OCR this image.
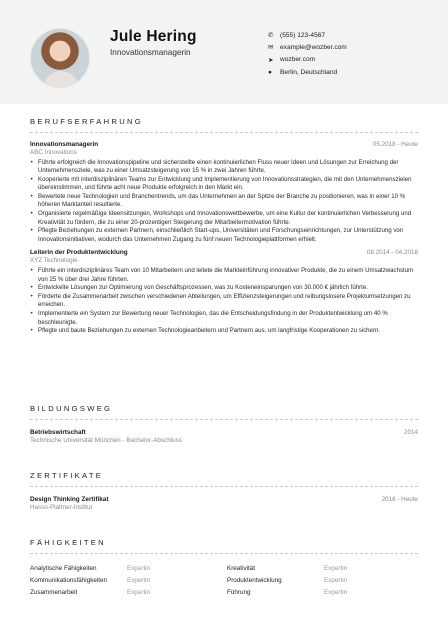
Jule Hering
Innovationsmanagerin
✆ (555) 123-4567
✉ example@wozber.com
➤ wozber.com
●	Berlin, Deutschland
BERUFSERFAHRUNG
Innovationsmanagerin	05.2018 - Heute
ABC Innovations
• Führte erfolgreich die Innovationspipeline und sicherstellte einen kontinuierlichen Fluss neuer Ideen und Lösungen zur Erreichung der Unternehmensziele, was zu einer Umsatzsteigerung von 15 % in zwei Jahren führte.
• Kooperierte mit interdisziplinären Teams zur Entwicklung und Implementierung von Innovationsstrategien, die mit den Unternehmenszielen übereinstimmen, und führte acht neue Produkte erfolgreich in den Markt ein.
• Bewertete neue Technologien und Branchentrends, um das Unternehmen an der Spitze der Branche zu positionieren, was in einer 10 % höheren Marktanteil resultierte.
• Organisierte regelmäßige Ideensitzungen, Workshops und Innovationswettbewerbe, um eine Kultur der kontinuierlichen Verbesserung und Kreativität zu fördern, die zu einer 20-prozentigen Steigerung der Mitarbeitermotivation führte.
• Pflegte Beziehungen zu externen Partnern, einschließlich Start-ups, Universitäten und Forschungseinrichtungen, zur Unterstützung von Innovationsinitiativen, wodurch das Unternehmen Zugang zu fünf neuen Technologieplattformen erhielt.
Leiterin der Produktentwicklung	08.2014 - 04.2018
XYZ Technologie
• Führte ein interdisziplinäres Team von 10 Mitarbeitern und leitete die Markteinführung innovativer Produkte, die zu einem Umsatzwachstum von 25 % über drei Jahre führten.
• Entwickelte Lösungen zur Optimierung von Geschäftsprozessen, was zu Kosteneinsparungen von 30.000 € jährlich führte.
• Förderte die Zusammenarbeit zwischen verschiedenen Abteilungen, um Effizienzsteigerungen und reibungslosere Projektumsetzungen zu erreichen.
• Implementierte ein System zur Bewertung neuer Technologien, das die Entscheidungsfindung in der Produktentwicklung um 40 % beschleunigte.
• Pflegte und baute Beziehungen zu externen Technologieanbietern und Partnern aus, um langfristige Kooperationen zu sichern.
BILDUNGSWEG
Betriebswirtschaft	2014
Technische Universität München - Bachelor-Abschluss
ZERTIFIKATE
Design Thinking Zertifikat	2016 - Heute
Hasso-Plattner-Institut
FÄHIGKEITEN
Analytische Fähigkeiten	Expertin	Kreativität	Expertin
Kommunikationsfähigkeiten	Expertin	Produktentwicklung	Expertin
Zusammenarbeit	Expertin	Führung	Expertin
